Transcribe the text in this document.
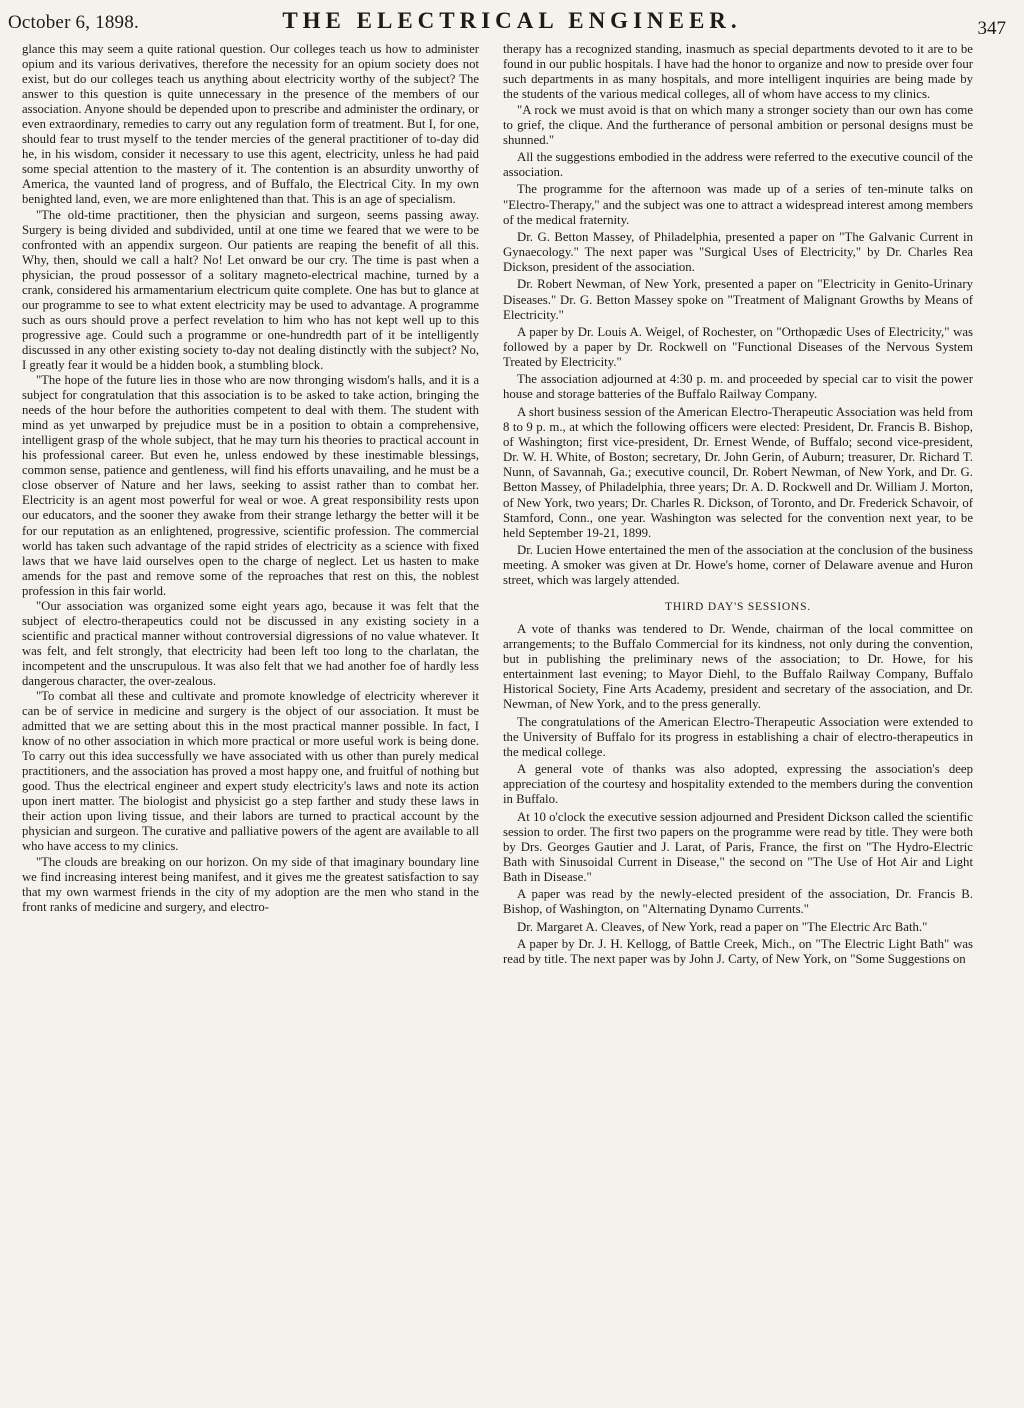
October 6, 1898.	THE ELECTRICAL ENGINEER.	347

glance this may seem a quite rational question. Our colleges teach us how to administer opium and its various derivatives, therefore the necessity for an opium society does not exist, but do our colleges teach us anything about electricity worthy of the subject? The answer to this question is quite unnecessary in the presence of the members of our association. Anyone should be depended upon to prescribe and administer the ordinary, or even extraordinary, remedies to carry out any regulation form of treatment. But I, for one, should fear to trust myself to the tender mercies of the general practitioner of to-day did he, in his wisdom, consider it necessary to use this agent, electricity, unless he had paid some special attention to the mastery of it. The contention is an absurdity unworthy of America, the vaunted land of progress, and of Buffalo, the Electrical City. In my own benighted land, even, we are more enlightened than that. This is an age of specialism.

"The old-time practitioner, then the physician and surgeon, seems passing away. Surgery is being divided and subdivided, until at one time we feared that we were to be confronted with an appendix surgeon. Our patients are reaping the benefit of all this. Why, then, should we call a halt? No! Let onward be our cry. The time is past when a physician, the proud possessor of a solitary magneto-electrical machine, turned by a crank, considered his armamentarium electricum quite complete. One has but to glance at our programme to see to what extent electricity may be used to advantage. A programme such as ours should prove a perfect revelation to him who has not kept well up to this progressive age. Could such a programme or one-hundredth part of it be intelligently discussed in any other existing society to-day not dealing distinctly with the subject? No, I greatly fear it would be a hidden book, a stumbling block.

"The hope of the future lies in those who are now thronging wisdom's halls, and it is a subject for congratulation that this association is to be asked to take action, bringing the needs of the hour before the authorities competent to deal with them. The student with mind as yet unwarped by prejudice must be in a position to obtain a comprehensive, intelligent grasp of the whole subject, that he may turn his theories to practical account in his professional career. But even he, unless endowed by these inestimable blessings, common sense, patience and gentleness, will find his efforts unavailing, and he must be a close observer of Nature and her laws, seeking to assist rather than to combat her. Electricity is an agent most powerful for weal or woe. A great responsibility rests upon our educators, and the sooner they awake from their strange lethargy the better will it be for our reputation as an enlightened, progressive, scientific profession. The commercial world has taken such advantage of the rapid strides of electricity as a science with fixed laws that we have laid ourselves open to the charge of neglect. Let us hasten to make amends for the past and remove some of the reproaches that rest on this, the noblest profession in this fair world.

"Our association was organized some eight years ago, because it was felt that the subject of electro-therapeutics could not be discussed in any existing society in a scientific and practical manner without controversial digressions of no value whatever. It was felt, and felt strongly, that electricity had been left too long to the charlatan, the incompetent and the unscrupulous. It was also felt that we had another foe of hardly less dangerous character, the over-zealous.

"To combat all these and cultivate and promote knowledge of electricity wherever it can be of service in medicine and surgery is the object of our association. It must be admitted that we are setting about this in the most practical manner possible. In fact, I know of no other association in which more practical or more useful work is being done. To carry out this idea successfully we have associated with us other than purely medical practitioners, and the association has proved a most happy one, and fruitful of nothing but good. Thus the electrical engineer and expert study electricity's laws and note its action upon inert matter. The biologist and physicist go a step farther and study these laws in their action upon living tissue, and their labors are turned to practical account by the physician and surgeon. The curative and palliative powers of the agent are available to all who have access to my clinics.

"The clouds are breaking on our horizon. On my side of that imaginary boundary line we find increasing interest being manifest, and it gives me the greatest satisfaction to say that my own warmest friends in the city of my adoption are the men who stand in the front ranks of medicine and surgery, and electro-

therapy has a recognized standing, inasmuch as special departments devoted to it are to be found in our public hospitals. I have had the honor to organize and now to preside over four such departments in as many hospitals, and more intelligent inquiries are being made by the students of the various medical colleges, all of whom have access to my clinics.

"A rock we must avoid is that on which many a stronger society than our own has come to grief, the clique. And the furtherance of personal ambition or personal designs must be shunned."

All the suggestions embodied in the address were referred to the executive council of the association.

The programme for the afternoon was made up of a series of ten-minute talks on "Electro-Therapy," and the subject was one to attract a widespread interest among members of the medical fraternity.

Dr. G. Betton Massey, of Philadelphia, presented a paper on "The Galvanic Current in Gynaecology." The next paper was "Surgical Uses of Electricity," by Dr. Charles Rea Dickson, president of the association.

Dr. Robert Newman, of New York, presented a paper on "Electricity in Genito-Urinary Diseases." Dr. G. Betton Massey spoke on "Treatment of Malignant Growths by Means of Electricity."

A paper by Dr. Louis A. Weigel, of Rochester, on "Orthopædic Uses of Electricity," was followed by a paper by Dr. Rockwell on "Functional Diseases of the Nervous System Treated by Electricity."

The association adjourned at 4:30 p. m. and proceeded by special car to visit the power house and storage batteries of the Buffalo Railway Company.

A short business session of the American Electro-Therapeutic Association was held from 8 to 9 p. m., at which the following officers were elected: President, Dr. Francis B. Bishop, of Washington; first vice-president, Dr. Ernest Wende, of Buffalo; second vice-president, Dr. W. H. White, of Boston; secretary, Dr. John Gerin, of Auburn; treasurer, Dr. Richard T. Nunn, of Savannah, Ga.; executive council, Dr. Robert Newman, of New York, and Dr. G. Betton Massey, of Philadelphia, three years; Dr. A. D. Rockwell and Dr. William J. Morton, of New York, two years; Dr. Charles R. Dickson, of Toronto, and Dr. Frederick Schavoir, of Stamford, Conn., one year. Washington was selected for the convention next year, to be held September 19-21, 1899.

Dr. Lucien Howe entertained the men of the association at the conclusion of the business meeting. A smoker was given at Dr. Howe's home, corner of Delaware avenue and Huron street, which was largely attended.

THIRD DAY'S SESSIONS.

A vote of thanks was tendered to Dr. Wende, chairman of the local committee on arrangements; to the Buffalo Commercial for its kindness, not only during the convention, but in publishing the preliminary news of the association; to Dr. Howe, for his entertainment last evening; to Mayor Diehl, to the Buffalo Railway Company, Buffalo Historical Society, Fine Arts Academy, president and secretary of the association, and Dr. Newman, of New York, and to the press generally.

The congratulations of the American Electro-Therapeutic Association were extended to the University of Buffalo for its progress in establishing a chair of electro-therapeutics in the medical college.

A general vote of thanks was also adopted, expressing the association's deep appreciation of the courtesy and hospitality extended to the members during the convention in Buffalo.

At 10 o'clock the executive session adjourned and President Dickson called the scientific session to order. The first two papers on the programme were read by title. They were both by Drs. Georges Gautier and J. Larat, of Paris, France, the first on "The Hydro-Electric Bath with Sinusoidal Current in Disease," the second on "The Use of Hot Air and Light Bath in Disease."

A paper was read by the newly-elected president of the association, Dr. Francis B. Bishop, of Washington, on "Alternating Dynamo Currents."

Dr. Margaret A. Cleaves, of New York, read a paper on "The Electric Arc Bath."

A paper by Dr. J. H. Kellogg, of Battle Creek, Mich., on "The Electric Light Bath" was read by title. The next paper was by John J. Carty, of New York, on "Some Suggestions on
